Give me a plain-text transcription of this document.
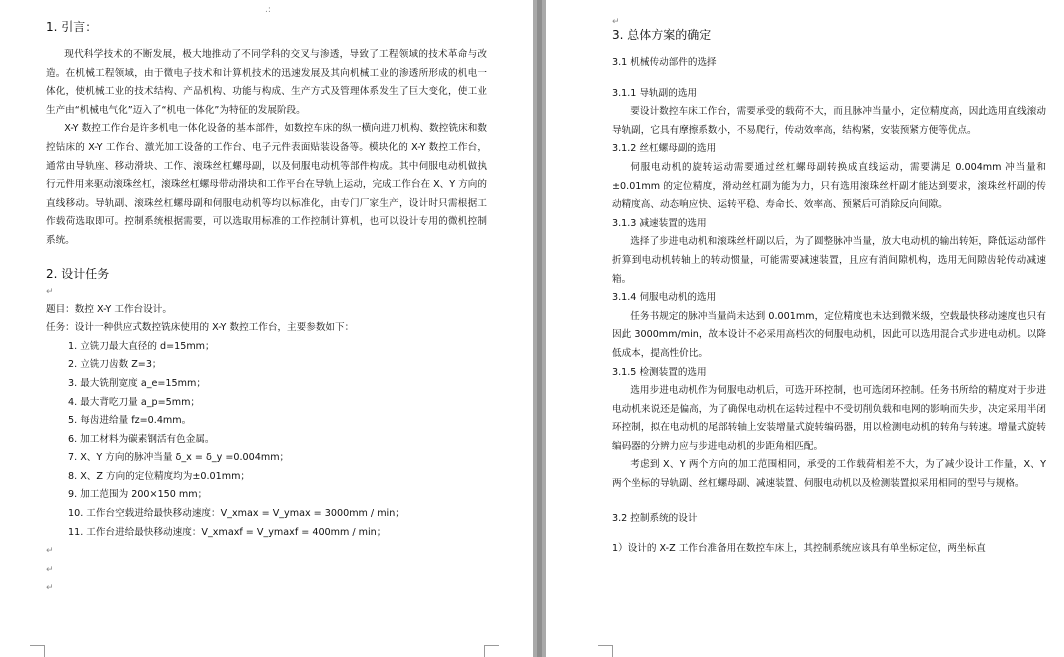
.:
1. 引言：

现代科学技术的不断发展，极大地推动了不同学科的交叉与渗透，导致了工程领域的技术革命与改造。在机械工程领域，由于微电子技术和计算机技术的迅速发展及其向机械工业的渗透所形成的机电一体化，使机械工业的技术结构、产品机构、功能与构成、生产方式及管理体系发生了巨大变化，使工业生产由“机械电气化”迈入了“机电一体化”为特征的发展阶段。

X-Y 数控工作台是许多机电一体化设备的基本部件，如数控车床的纵一横向进刀机构、数控铣床和数控钻床的 X-Y 工作台、激光加工设备的工作台、电子元件表面贴装设备等。模块化的 X-Y 数控工作台，通常由导轨座、移动滑块、工作、滚珠丝杠螺母副，以及伺服电动机等部件构成。其中伺服电动机做执行元件用来驱动滚珠丝杠，滚珠丝杠螺母带动滑块和工作平台在导轨上运动，完成工作台在 X、Y 方向的直线移动。导轨副、滚珠丝杠螺母副和伺服电动机等均以标准化，由专门厂家生产，设计时只需根据工作载荷选取即可。控制系统根据需要，可以选取用标准的工作控制计算机，也可以设计专用的微机控制系统。

2. 设计任务
↵

题目：数控 X-Y 工作台设计。

任务：设计一种供应式数控铣床使用的 X-Y 数控工作台，主要参数如下：

1. 立铣刀最大直径的 d=15mm；
2. 立铣刀齿数 Z=3；
3. 最大铣削宽度 a_e=15mm；
4. 最大背吃刀量 a_p=5mm；
5. 每齿进给量 fz=0.4mm。
6. 加工材料为碳素钢活有色金属。
7. X、Y 方向的脉冲当量 δ_x = δ_y =0.004mm；
8. X、Z 方向的定位精度均为±0.01mm；
9. 加工范围为 200×150 mm；
10. 工作台空载进给最快移动速度：V_xmax = V_ymax = 3000mm / min；
11. 工作台进给最快移动速度：V_xmaxf = V_ymaxf = 400mm / min；
↵
↵
↵
↵
3. 总体方案的确定

3.1 机械传动部件的选择

3.1.1 导轨副的选用

要设计数控车床工作台，需要承受的载荷不大，而且脉冲当量小，定位精度高，因此选用直线滚动导轨副，它具有摩擦系数小，不易爬行，传动效率高，结构紧，安装预紧方便等优点。

3.1.2 丝杠螺母副的选用

伺服电动机的旋转运动需要通过丝杠螺母副转换成直线运动，需要满足 0.004mm 冲当量和±0.01mm 的定位精度，滑动丝杠副为能为力，只有选用滚珠丝杆副才能达到要求，滚珠丝杆副的传动精度高、动态响应快、运转平稳、寿命长、效率高、预紧后可消除反向间隙。

3.1.3 减速装置的选用

选择了步进电动机和滚珠丝杆副以后，为了圆整脉冲当量，放大电动机的输出转矩，降低运动部件折算到电动机转轴上的转动惯量，可能需要减速装置，且应有消间隙机构，选用无间隙齿轮传动减速箱。

3.1.4 伺服电动机的选用

任务书规定的脉冲当量尚未达到 0.001mm，定位精度也未达到微米级，空载最快移动速度也只有因此 3000mm/min，故本设计不必采用高档次的伺服电动机，因此可以选用混合式步进电动机。以降低成本，提高性价比。

3.1.5 检测装置的选用

选用步进电动机作为伺服电动机后，可选开环控制，也可选闭环控制。任务书所给的精度对于步进电动机来说还是偏高，为了确保电动机在运转过程中不受切削负载和电网的影响而失步，决定采用半闭环控制，拟在电动机的尾部转轴上安装增量式旋转编码器，用以检测电动机的转角与转速。增量式旋转编码器的分辨力应与步进电动机的步距角相匹配。

考虑到 X、Y 两个方向的加工范围相同，承受的工作载荷相差不大，为了减少设计工作量，X、Y 两个坐标的导轨副、丝杠螺母副、减速装置、伺服电动机以及检测装置拟采用相同的型号与规格。

3.2 控制系统的设计

1）设计的 X-Z 工作台准备用在数控车床上，其控制系统应该具有单坐标定位，两坐标直
